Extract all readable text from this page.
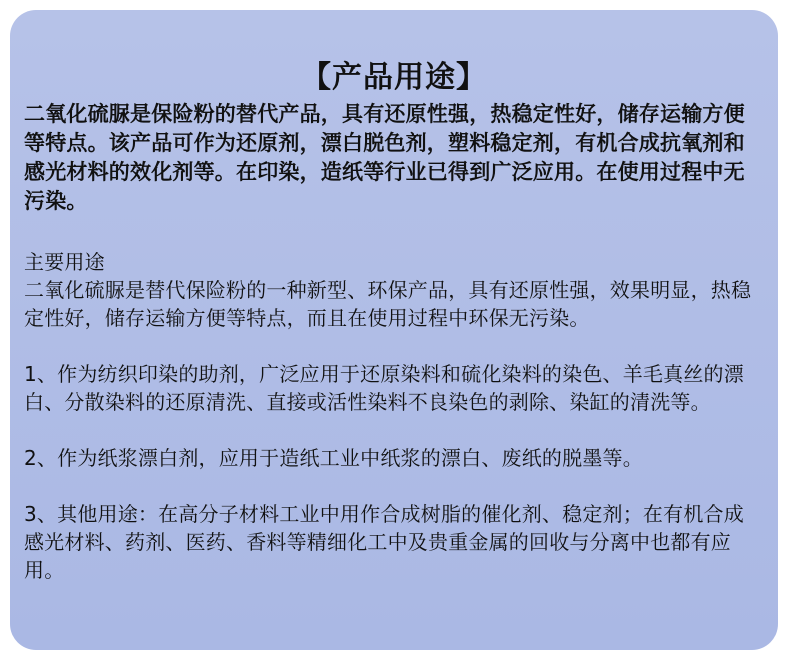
【产品用途】

二氧化硫脲是保险粉的替代产品，具有还原性强，热稳定性好，储存运输方便等特点。该产品可作为还原剂，漂白脱色剂，塑料稳定剂，有机合成抗氧剂和感光材料的效化剂等。在印染，造纸等行业已得到广泛应用。在使用过程中无污染。

主要用途

二氧化硫脲是替代保险粉的一种新型、环保产品，具有还原性强，效果明显，热稳定性好，储存运输方便等特点，而且在使用过程中环保无污染。

1、作为纺织印染的助剂，广泛应用于还原染料和硫化染料的染色、羊毛真丝的漂白、分散染料的还原清洗、直接或活性染料不良染色的剥除、染缸的清洗等。

2、作为纸浆漂白剂，应用于造纸工业中纸浆的漂白、废纸的脱墨等。

3、其他用途：在高分子材料工业中用作合成树脂的催化剂、稳定剂；在有机合成感光材料、药剂、医药、香料等精细化工中及贵重金属的回收与分离中也都有应用。
